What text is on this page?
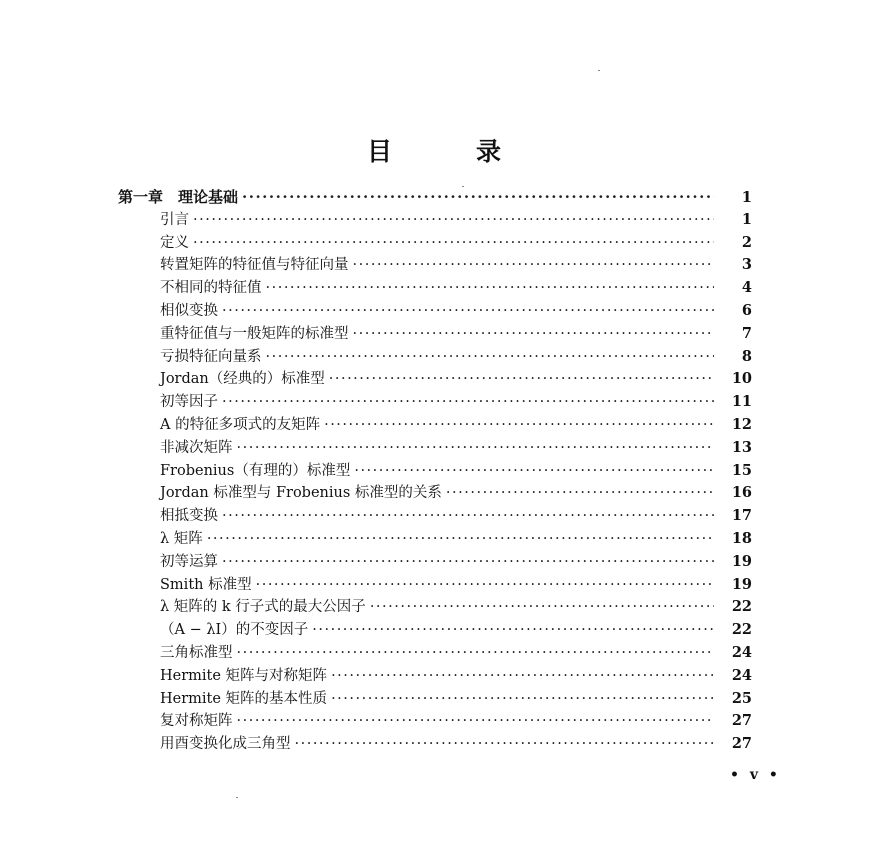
目	录
第一章　理论基础 ·····	1
引言 ·····	1
定义 ·····	2
转置矩阵的特征值与特征向量 ·····	3
不相同的特征值 ·····	4
相似变换 ·····	6
重特征值与一般矩阵的标准型 ·····	7
亏损特征向量系 ·····	8
Jordan（经典的）标准型 ·····	10
初等因子 ·····	11
A 的特征多项式的友矩阵 ·····	12
非减次矩阵 ·····	13
Frobenius（有理的）标准型 ·····	15
Jordan 标准型与 Frobenius 标准型的关系 ·····	16
相抵变换 ·····	17
λ 矩阵 ·····	18
初等运算 ·····	19
Smith 标准型 ·····	19
λ 矩阵的 k 行子式的最大公因子 ·····	22
（A − λI）的不变因子 ·····	22
三角标准型 ·····	24
Hermite 矩阵与对称矩阵 ·····	24
Hermite 矩阵的基本性质 ·····	25
复对称矩阵 ·····	27
用酉变换化成三角型 ·····	27
• v •
